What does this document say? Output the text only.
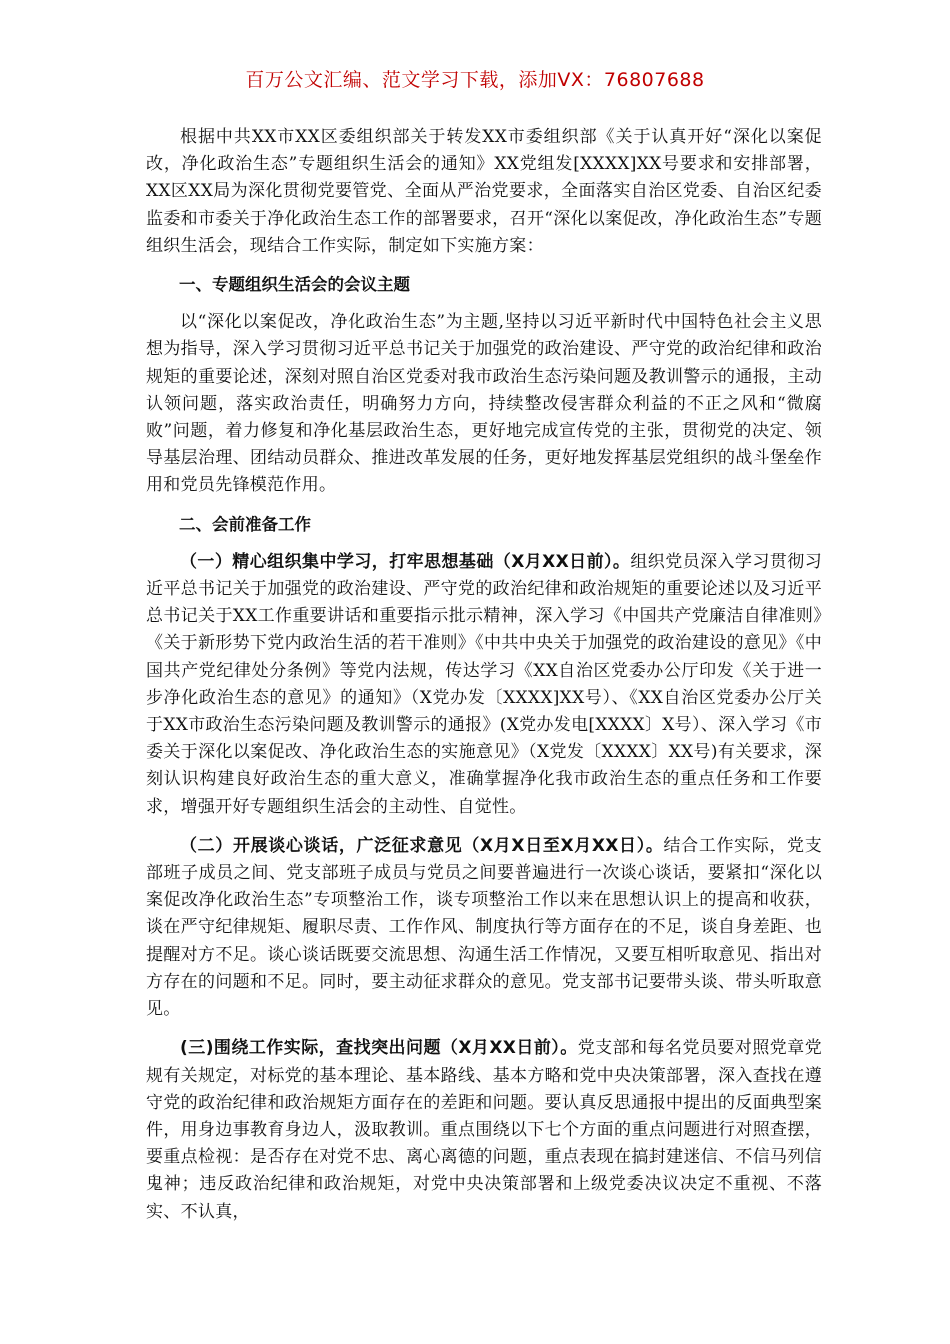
百万公文汇编、范文学习下载，添加VX：76807688

根据中共XX市XX区委组织部关于转发XX市委组织部《关于认真开好“深化以案促改，净化政治生态”专题组织生活会的通知》XX党组发[XXXX]XX号要求和安排部署，XX区XX局为深化贯彻党要管党、全面从严治党要求，全面落实自治区党委、自治区纪委监委和市委关于净化政治生态工作的部署要求，召开“深化以案促改，净化政治生态”专题组织生活会，现结合工作实际，制定如下实施方案：

一、专题组织生活会的会议主题

以“深化以案促改，净化政治生态”为主题,坚持以习近平新时代中国特色社会主义思想为指导，深入学习贯彻习近平总书记关于加强党的政治建设、严守党的政治纪律和政治规矩的重要论述，深刻对照自治区党委对我市政治生态污染问题及教训警示的通报，主动认领问题，落实政治责任，明确努力方向，持续整改侵害群众利益的不正之风和“微腐败”问题，着力修复和净化基层政治生态，更好地完成宣传党的主张，贯彻党的决定、领导基层治理、团结动员群众、推进改革发展的任务，更好地发挥基层党组织的战斗堡垒作用和党员先锋模范作用。

二、会前准备工作

（一）精心组织集中学习，打牢思想基础（X月XX日前）。组织党员深入学习贯彻习近平总书记关于加强党的政治建设、严守党的政治纪律和政治规矩的重要论述以及习近平总书记关于XX工作重要讲话和重要指示批示精神，深入学习《中国共产党廉洁自律准则》《关于新形势下党内政治生活的若干准则》《中共中央关于加强党的政治建设的意见》《中国共产党纪律处分条例》等党内法规，传达学习《XX自治区党委办公厅印发《关于进一步净化政治生态的意见》的通知》（X党办发〔XXXX]XX号）、《XX自治区党委办公厅关于XX市政治生态污染问题及教训警示的通报》(X党办发电[XXXX〕X号）、深入学习《市委关于深化以案促改、净化政治生态的实施意见》（X党发〔XXXX〕XX号)有关要求，深刻认识构建良好政治生态的重大意义，准确掌握净化我市政治生态的重点任务和工作要求，增强开好专题组织生活会的主动性、自觉性。

（二）开展谈心谈话，广泛征求意见（X月X日至X月XX日）。结合工作实际，党支部班子成员之间、党支部班子成员与党员之间要普遍进行一次谈心谈话，要紧扣“深化以案促改净化政治生态”专项整治工作，谈专项整治工作以来在思想认识上的提高和收获，谈在严守纪律规矩、履职尽责、工作作风、制度执行等方面存在的不足，谈自身差距、也提醒对方不足。谈心谈话既要交流思想、沟通生活工作情况，又要互相听取意见、指出对方存在的问题和不足。同时，要主动征求群众的意见。党支部书记要带头谈、带头听取意见。

(三)围绕工作实际，查找突出问题（X月XX日前）。党支部和每名党员要对照党章党规有关规定，对标党的基本理论、基本路线、基本方略和党中央决策部署，深入查找在遵守党的政治纪律和政治规矩方面存在的差距和问题。要认真反思通报中提出的反面典型案件，用身边事教育身边人，汲取教训。重点围绕以下七个方面的重点问题进行对照查摆，要重点检视：是否存在对党不忠、离心离德的问题，重点表现在搞封建迷信、不信马列信鬼神；违反政治纪律和政治规矩，对党中央决策部署和上级党委决议决定不重视、不落实、不认真，
